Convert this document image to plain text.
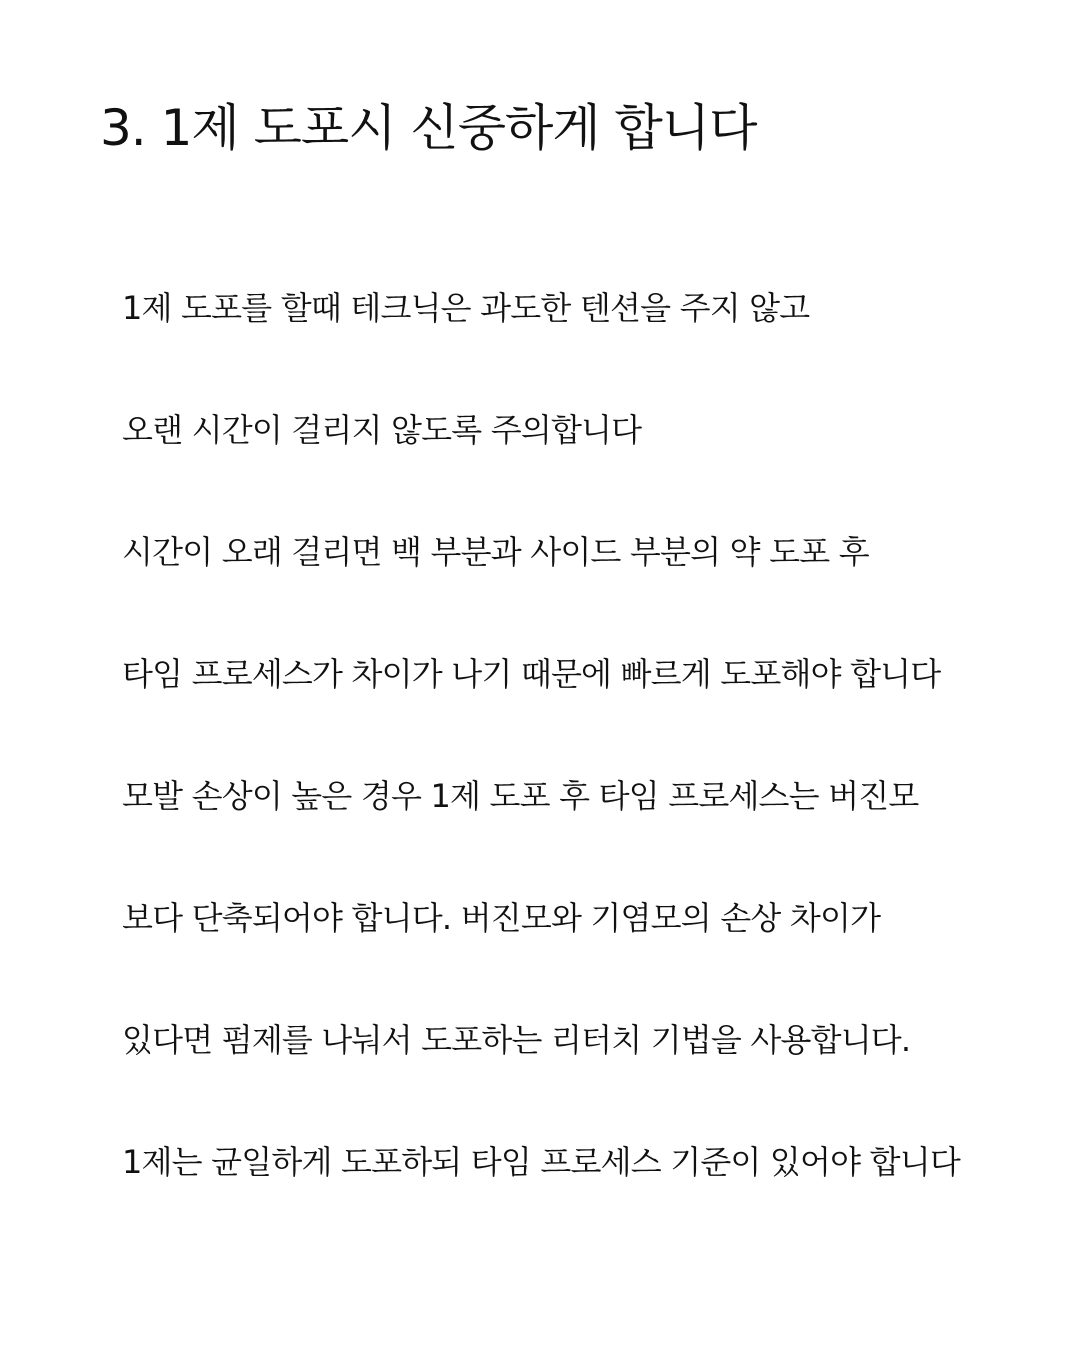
3. 1제 도포시 신중하게 합니다

1제 도포를 할때 테크닉은 과도한 텐션을 주지 않고

오랜 시간이 걸리지 않도록 주의합니다

시간이 오래 걸리면 백 부분과 사이드 부분의 약 도포 후

타임 프로세스가 차이가 나기 때문에 빠르게 도포해야 합니다

모발 손상이 높은 경우 1제 도포 후 타임 프로세스는 버진모

보다 단축되어야 합니다. 버진모와 기염모의 손상 차이가

있다면 펌제를 나눠서 도포하는 리터치 기법을 사용합니다.

1제는 균일하게 도포하되 타임 프로세스 기준이 있어야 합니다
